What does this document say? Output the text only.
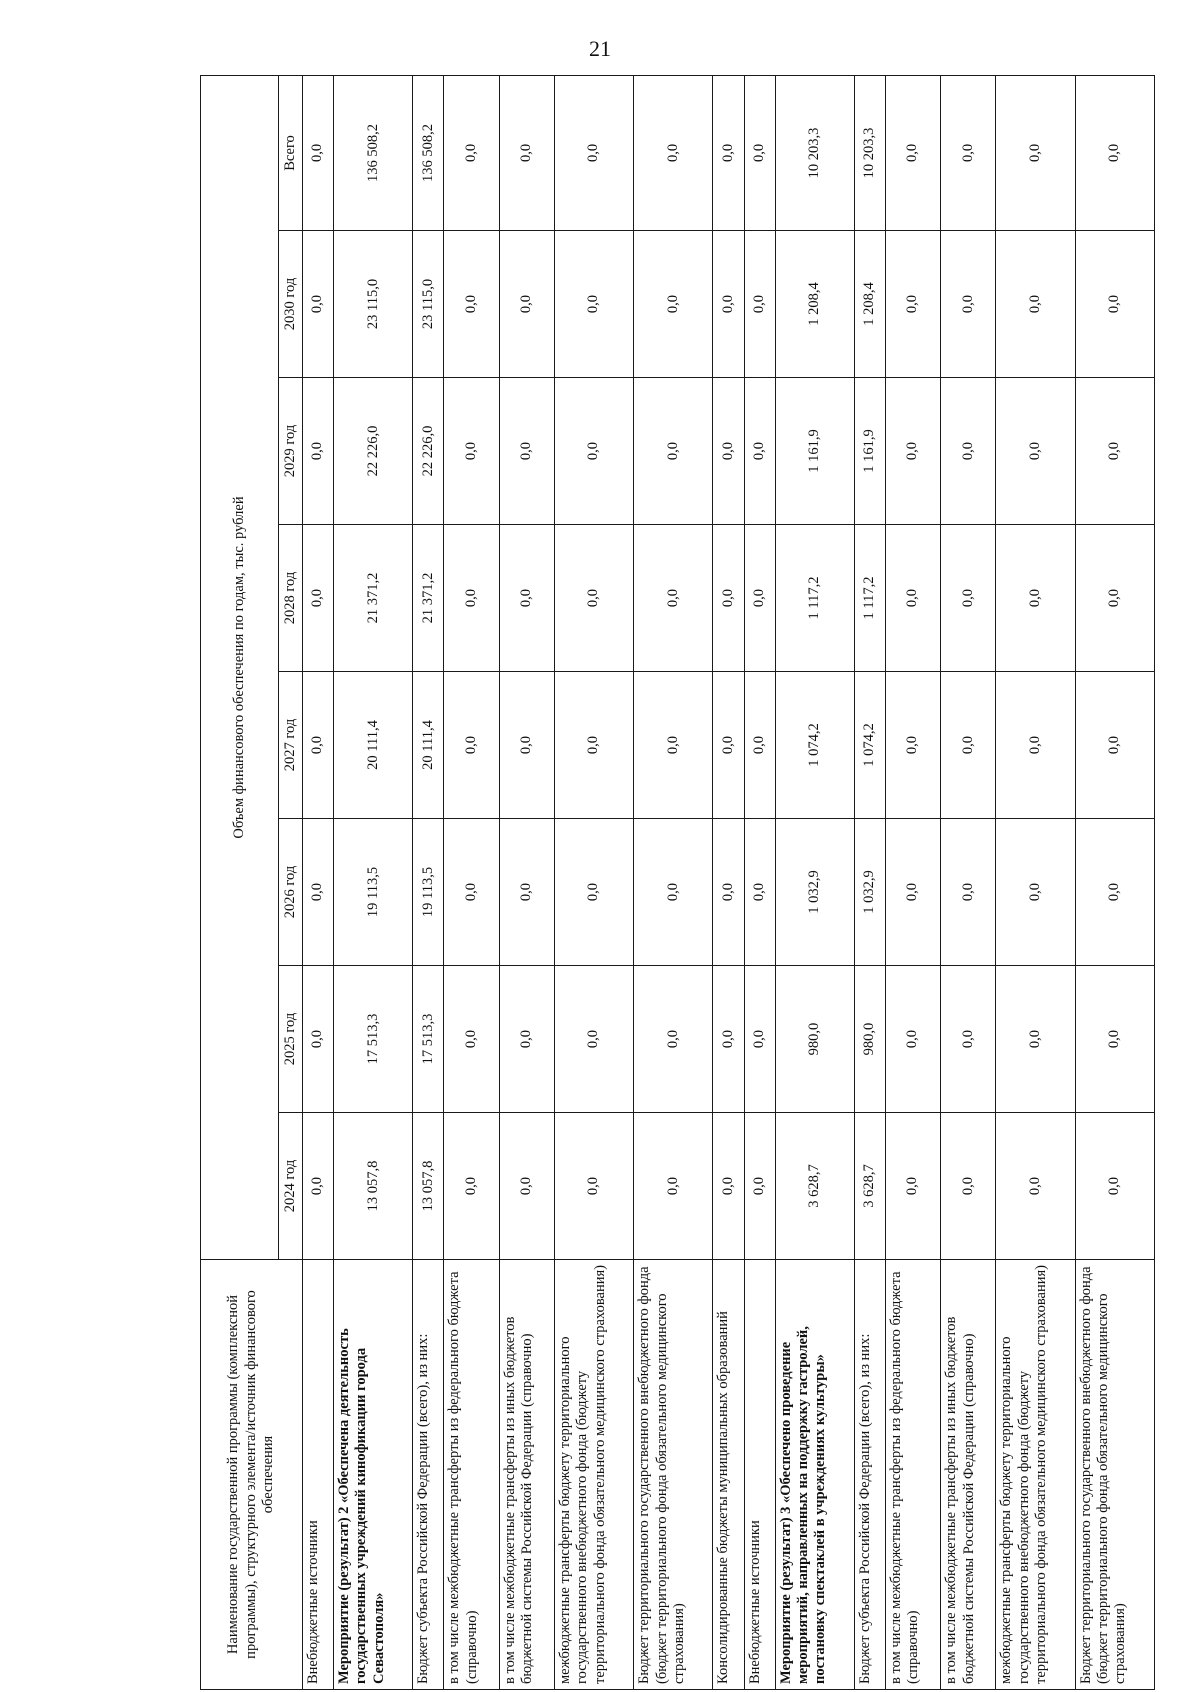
21
Наименование государственной программы (комплексной программы), структурного элемента/источник финансового обеспечения	Объем финансового обеспечения по годам, тыс. рублей							
	2024 год	2025 год	2026 год	2027 год	2028 год	2029 год	2030 год	Всего
Внебюджетные источники	0,0	0,0	0,0	0,0	0,0	0,0	0,0	0,0
Мероприятие (результат) 2 «Обеспечена деятельность государственных учреждений кинофикации города Севастополя»	13 057,8	17 513,3	19 113,5	20 111,4	21 371,2	22 226,0	23 115,0	136 508,2
Бюджет субъекта Российской Федерации (всего), из них:	13 057,8	17 513,3	19 113,5	20 111,4	21 371,2	22 226,0	23 115,0	136 508,2
в том числе межбюджетные трансферты из федерального бюджета (справочно)	0,0	0,0	0,0	0,0	0,0	0,0	0,0	0,0
в том числе межбюджетные трансферты из иных бюджетов бюджетной системы Российской Федерации (справочно)	0,0	0,0	0,0	0,0	0,0	0,0	0,0	0,0
межбюджетные трансферты бюджету территориального государственного внебюджетного фонда (бюджету территориального фонда обязательного медицинского страхования)	0,0	0,0	0,0	0,0	0,0	0,0	0,0	0,0
Бюджет территориального государственного внебюджетного фонда (бюджет территориального фонда обязательного медицинского страхования)	0,0	0,0	0,0	0,0	0,0	0,0	0,0	0,0
Консолидированные бюджеты муниципальных образований	0,0	0,0	0,0	0,0	0,0	0,0	0,0	0,0
Внебюджетные источники	0,0	0,0	0,0	0,0	0,0	0,0	0,0	0,0
Мероприятие (результат) 3 «Обеспечено проведение мероприятий, направленных на поддержку гастролей, постановку спектаклей в учреждениях культуры»	3 628,7	980,0	1 032,9	1 074,2	1 117,2	1 161,9	1 208,4	10 203,3
Бюджет субъекта Российской Федерации (всего), из них:	3 628,7	980,0	1 032,9	1 074,2	1 117,2	1 161,9	1 208,4	10 203,3
в том числе межбюджетные трансферты из федерального бюджета (справочно)	0,0	0,0	0,0	0,0	0,0	0,0	0,0	0,0
в том числе межбюджетные трансферты из иных бюджетов бюджетной системы Российской Федерации (справочно)	0,0	0,0	0,0	0,0	0,0	0,0	0,0	0,0
межбюджетные трансферты бюджету территориального государственного внебюджетного фонда (бюджету территориального фонда обязательного медицинского страхования)	0,0	0,0	0,0	0,0	0,0	0,0	0,0	0,0
Бюджет территориального государственного внебюджетного фонда (бюджет территориального фонда обязательного медицинского страхования)	0,0	0,0	0,0	0,0	0,0	0,0	0,0	0,0
